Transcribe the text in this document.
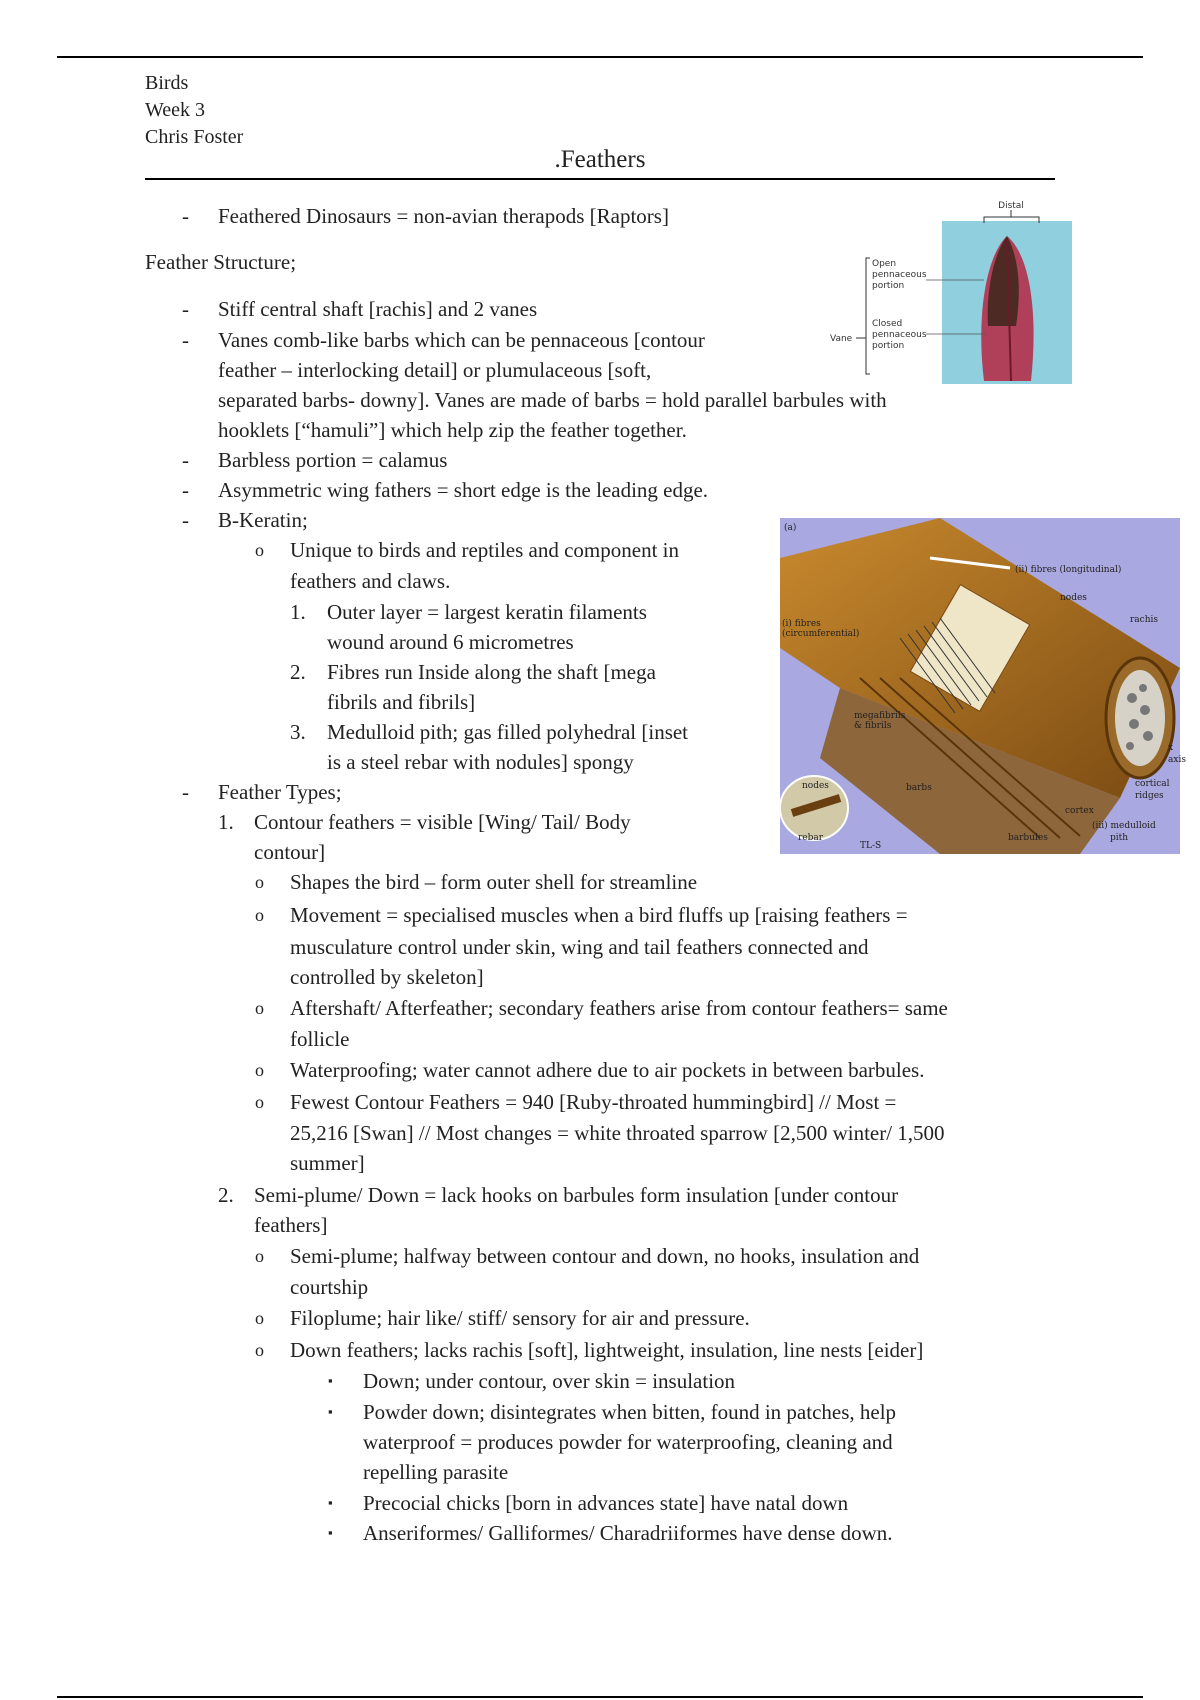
Birds
Week 3
Chris Foster
.Feathers
- Feathered Dinosaurs = non-avian therapods [Raptors]
Feather Structure;
- Stiff central shaft [rachis] and 2 vanes
- Vanes comb-like barbs which can be pennaceous [contour
feather – interlocking detail] or plumulaceous [soft,
separated barbs- downy]. Vanes are made of barbs = hold parallel barbules with
hooklets [“hamuli”] which help zip the feather together.
- Barbless portion = calamus
- Asymmetric wing fathers = short edge is the leading edge.
- B-Keratin;
o Unique to birds and reptiles and component in
feathers and claws.
1. Outer layer = largest keratin filaments
wound around 6 micrometres
2. Fibres run Inside along the shaft [mega
fibrils and fibrils]
3. Medulloid pith; gas filled polyhedral [inset
is a steel rebar with nodules] spongy
- Feather Types;
1. Contour feathers = visible [Wing/ Tail/ Body
contour]
o Shapes the bird – form outer shell for streamline
o Movement = specialised muscles when a bird fluffs up [raising feathers =
musculature control under skin, wing and tail feathers connected and
controlled by skeleton]
o Aftershaft/ Afterfeather; secondary feathers arise from contour feathers= same
follicle
o Waterproofing; water cannot adhere due to air pockets in between barbules.
o Fewest Contour Feathers = 940 [Ruby-throated hummingbird] // Most =
25,216 [Swan] // Most changes = white throated sparrow [2,500 winter/ 1,500
summer]
2. Semi-plume/ Down = lack hooks on barbules form insulation [under contour
feathers]
o Semi-plume; halfway between contour and down, no hooks, insulation and
courtship
o Filoplume; hair like/ stiff/ sensory for air and pressure.
o Down feathers; lacks rachis [soft], lightweight, insulation, line nests [eider]
▪ Down; under contour, over skin = insulation
▪ Powder down; disintegrates when bitten, found in patches, help
waterproof = produces powder for waterproofing, cleaning and
repelling parasite
▪ Precocial chicks [born in advances state] have natal down
▪ Anseriformes/ Galliformes/ Charadriiformes have dense down.
Distal
Open
pennaceous
portion
Closed
pennaceous
portion
Vane
(a)
(ii) fibres (longitudinal)
nodes
rachis
(i) fibres
(circumferential)
megafibrils
& fibrils
x
axis
nodes
rebar
barbs
cortex
cortical
ridges
(iii) medulloid
pith
barbules
TL-S
